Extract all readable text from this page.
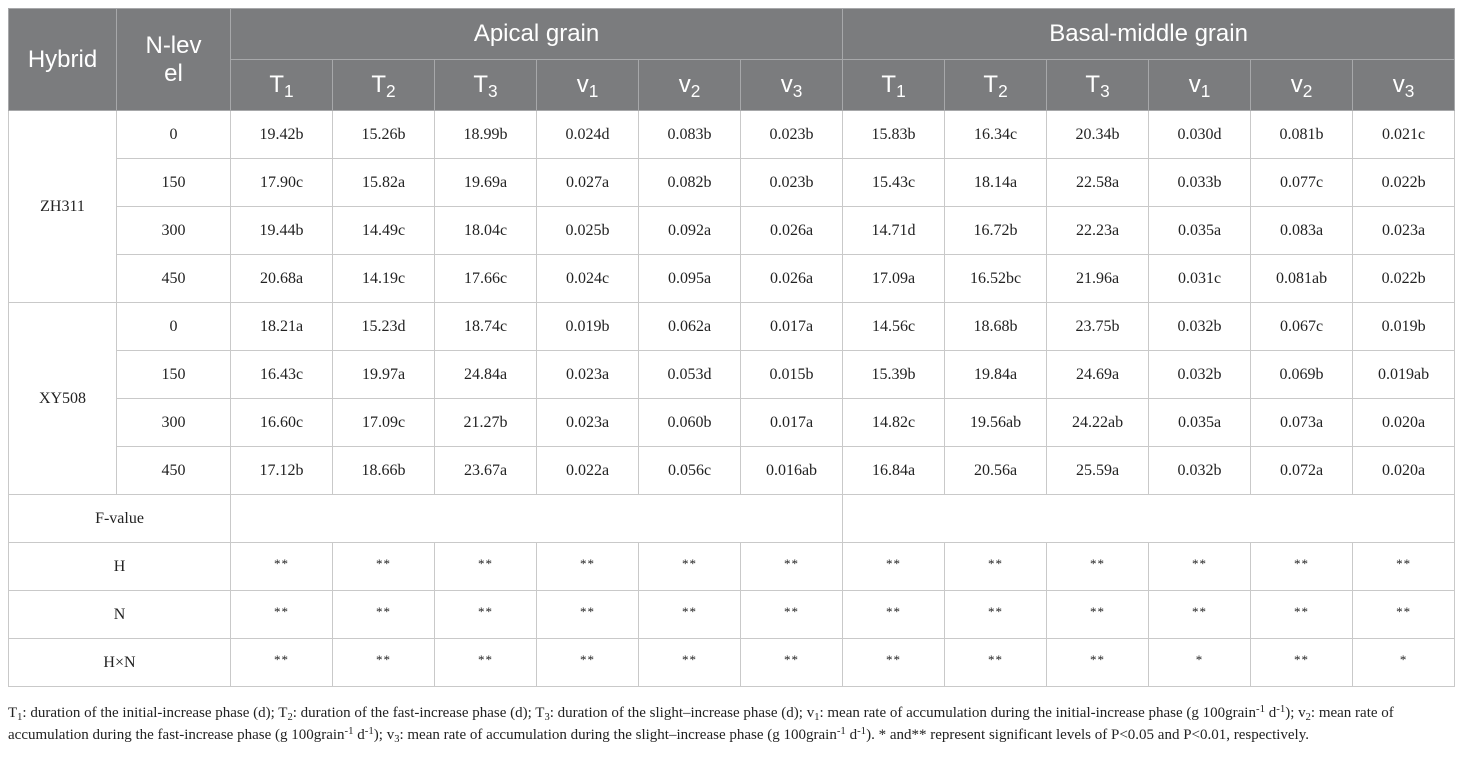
Hybrid	N-level	Apical grain						Basal-middle grain					
		$T_1$	$T_2$	$T_3$	$v_1$	$v_2$	$v_3$	$T_1$	$T_2$	$T_3$	$v_1$	$v_2$	$v_3$
ZH311	0	19.42b	15.26b	18.99b	0.024d	0.083b	0.023b	15.83b	16.34c	20.34b	0.030d	0.081b	0.021c
	150	17.90c	15.82a	19.69a	0.027a	0.082b	0.023b	15.43c	18.14a	22.58a	0.033b	0.077c	0.022b
	300	19.44b	14.49c	18.04c	0.025b	0.092a	0.026a	14.71d	16.72b	22.23a	0.035a	0.083a	0.023a
	450	20.68a	14.19c	17.66c	0.024c	0.095a	0.026a	17.09a	16.52bc	21.96a	0.031c	0.081ab	0.022b
XY508	0	18.21a	15.23d	18.74c	0.019b	0.062a	0.017a	14.56c	18.68b	23.75b	0.032b	0.067c	0.019b
	150	16.43c	19.97a	24.84a	0.023a	0.053d	0.015b	15.39b	19.84a	24.69a	0.032b	0.069b	0.019ab
	300	16.60c	17.09c	21.27b	0.023a	0.060b	0.017a	14.82c	19.56ab	24.22ab	0.035a	0.073a	0.020a
	450	17.12b	18.66b	23.67a	0.022a	0.056c	0.016ab	16.84a	20.56a	25.59a	0.032b	0.072a	0.020a
F-value													
H		**	**	**	**	**	**	**	**	**	**	**	**
N		**	**	**	**	**	**	**	**	**	**	**	**
H×N		**	**	**	**	**	**	**	**	**	*	**	*
$T_1$: duration of the initial-increase phase (d); $T_2$: duration of the fast-increase phase (d); $T_3$: duration of the slight–increase phase (d); $v_1$: mean rate of accumulation during the initial-increase phase (g 100grain$^{-1}$ $d^{-1}$); $v_2$: mean rate of accumulation during the fast-increase phase (g 100grain$^{-1}$ $d^{-1}$); $v_3$: mean rate of accumulation during the slight–increase phase (g 100grain$^{-1}$ $d^{-1}$). * and** represent significant levels of P<0.05 and P<0.01, respectively.
